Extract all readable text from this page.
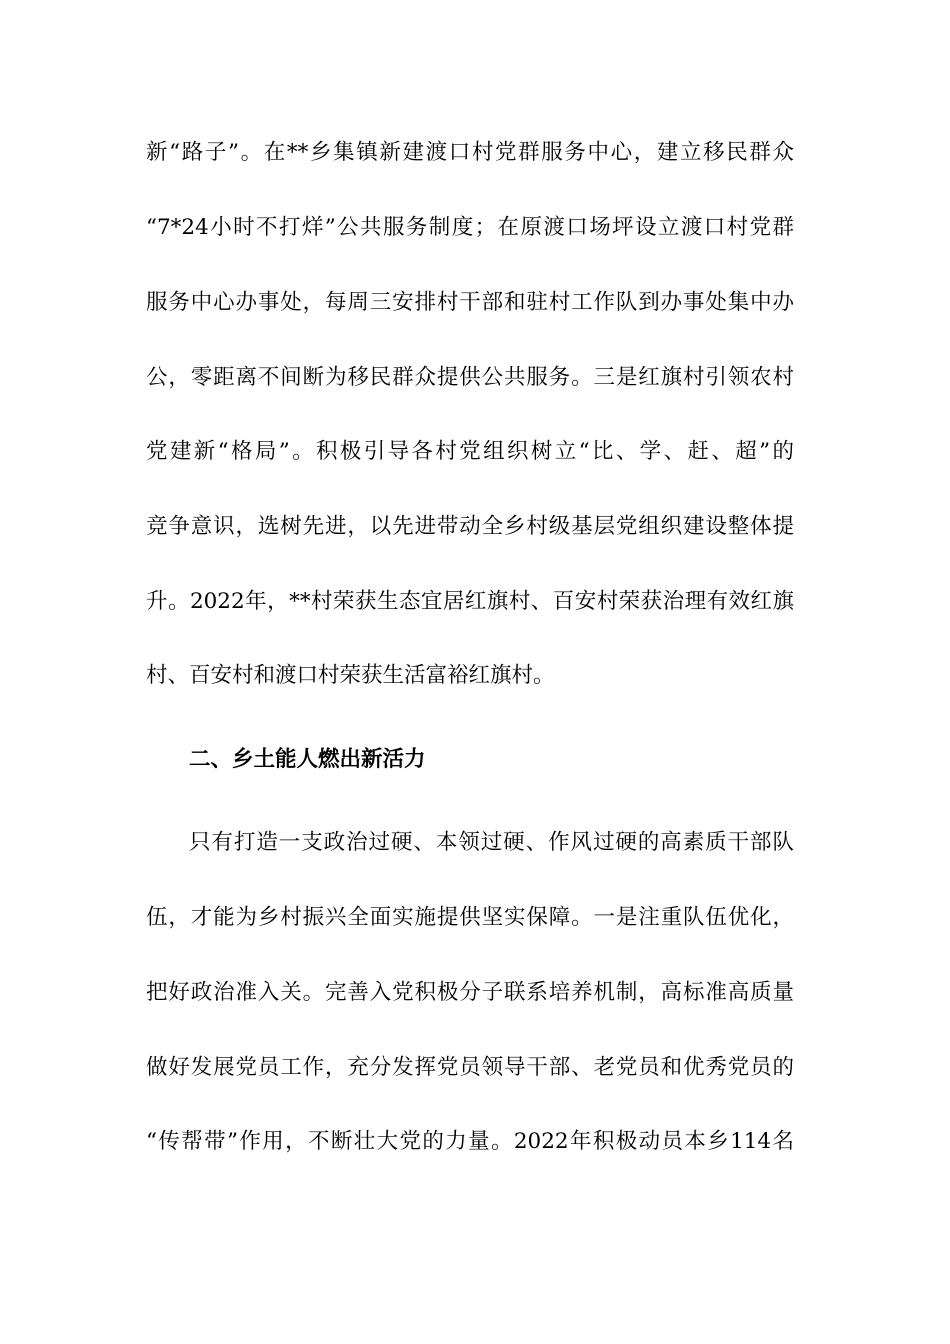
新“路子”。在**乡集镇新建渡口村党群服务中心，建立移民群众
“7*24小时不打烊”公共服务制度；在原渡口场坪设立渡口村党群
服务中心办事处，每周三安排村干部和驻村工作队到办事处集中办
公，零距离不间断为移民群众提供公共服务。三是红旗村引领农村
党建新“格局”。积极引导各村党组织树立“比、学、赶、超”的
竞争意识，选树先进，以先进带动全乡村级基层党组织建设整体提
升。2022年，**村荣获生态宜居红旗村、百安村荣获治理有效红旗
村、百安村和渡口村荣获生活富裕红旗村。
二、乡土能人燃出新活力
只有打造一支政治过硬、本领过硬、作风过硬的高素质干部队
伍，才能为乡村振兴全面实施提供坚实保障。一是注重队伍优化，
把好政治准入关。完善入党积极分子联系培养机制，高标准高质量
做好发展党员工作，充分发挥党员领导干部、老党员和优秀党员的
“传帮带”作用，不断壮大党的力量。2022年积极动员本乡114名
